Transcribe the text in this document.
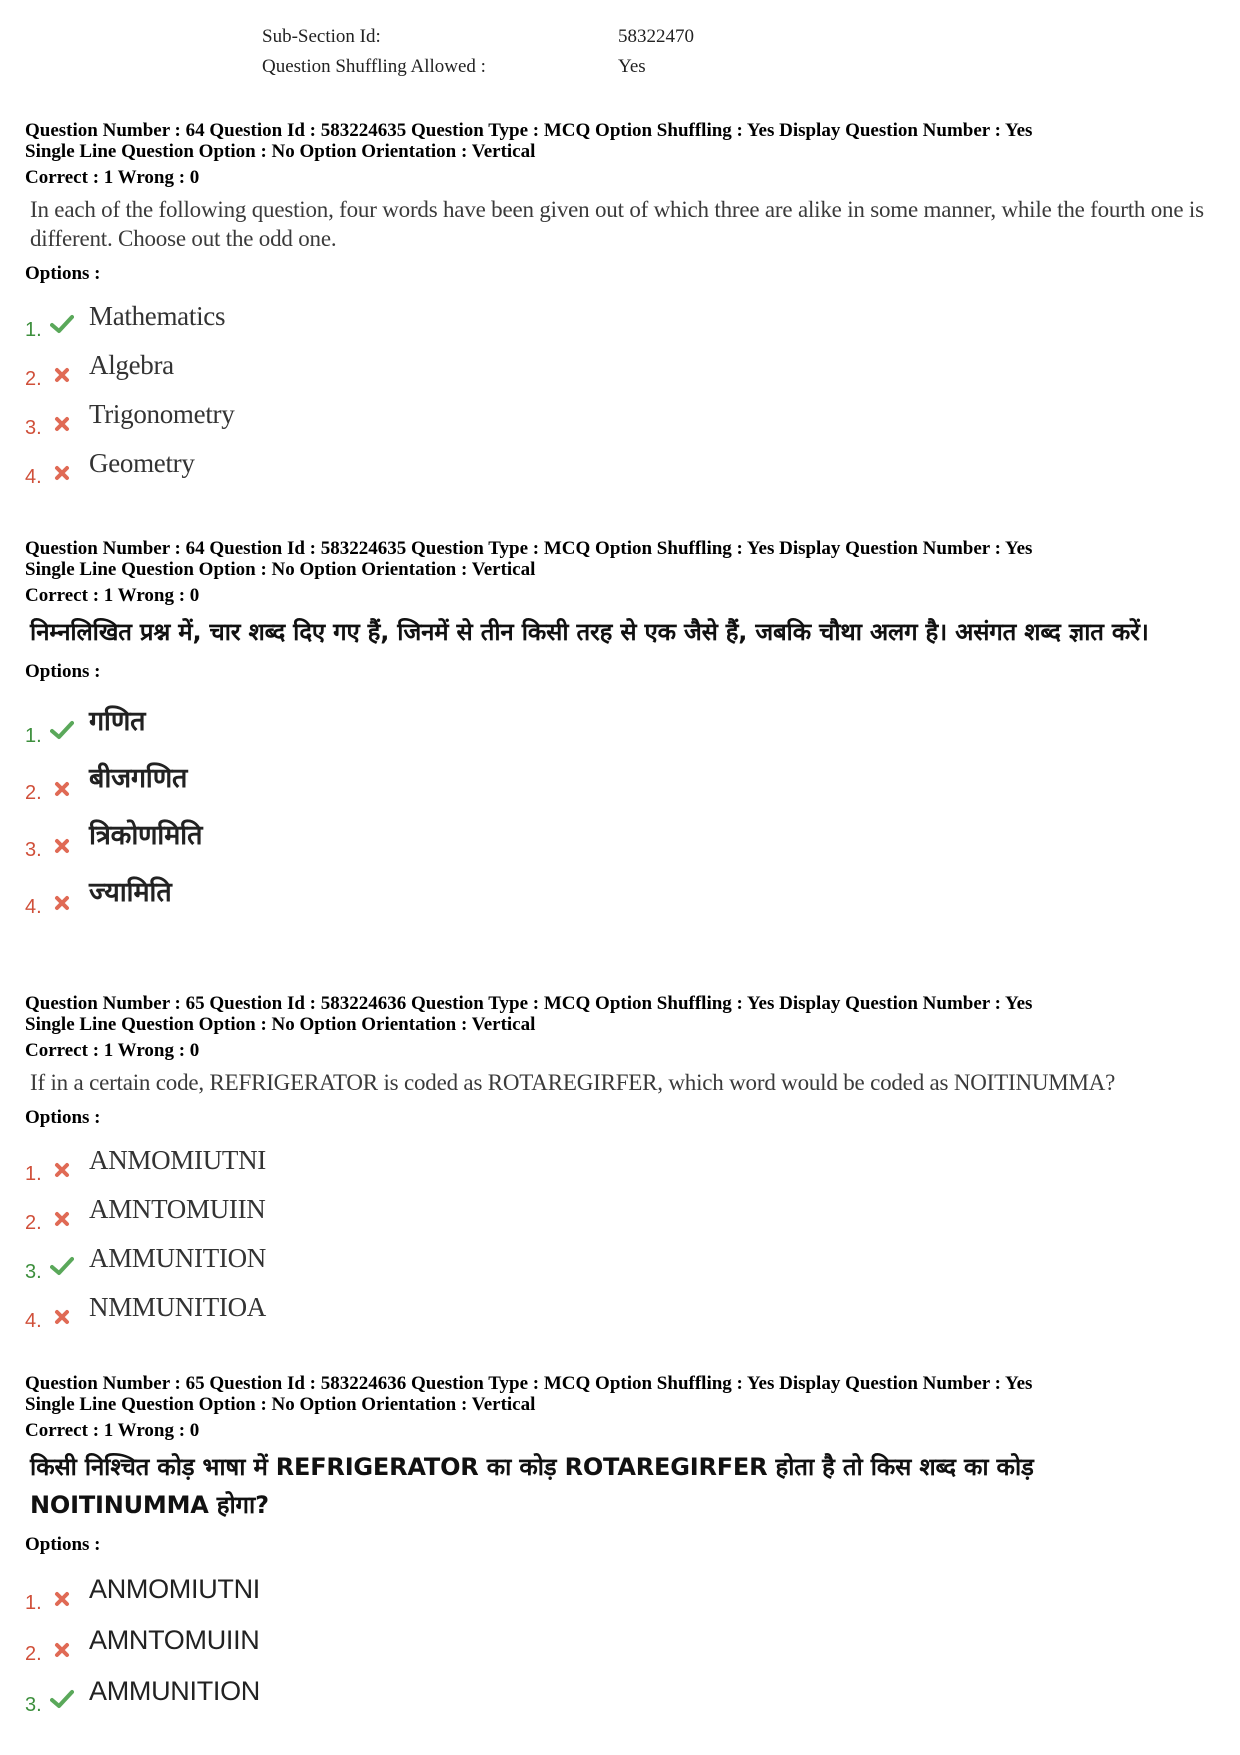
Sub-Section Id:	58322470
Question Shuffling Allowed :	Yes
Question Number : 64 Question Id : 583224635 Question Type : MCQ Option Shuffling : Yes Display Question Number : Yes
Single Line Question Option : No Option Orientation : Vertical
Correct : 1 Wrong : 0
In each of the following question, four words have been given out of which three are alike in some manner, while the fourth one is different. Choose out the odd one.
Options :
1. Mathematics
2. Algebra
3. Trigonometry
4. Geometry
Question Number : 64 Question Id : 583224635 Question Type : MCQ Option Shuffling : Yes Display Question Number : Yes
Single Line Question Option : No Option Orientation : Vertical
Correct : 1 Wrong : 0
निम्नलिखित प्रश्न में, चार शब्द दिए गए हैं, जिनमें से तीन किसी तरह से एक जैसे हैं, जबकि चौथा अलग है। असंगत शब्द ज्ञात करें।
Options :
1. गणित
2. बीजगणित
3. त्रिकोणमिति
4. ज्यामिति
Question Number : 65 Question Id : 583224636 Question Type : MCQ Option Shuffling : Yes Display Question Number : Yes
Single Line Question Option : No Option Orientation : Vertical
Correct : 1 Wrong : 0
If in a certain code, REFRIGERATOR is coded as ROTAREGIRFER, which word would be coded as NOITINUMMA?
Options :
1. ANMOMIUTNI
2. AMNTOMUIIN
3. AMMUNITION
4. NMMUNITIOA
Question Number : 65 Question Id : 583224636 Question Type : MCQ Option Shuffling : Yes Display Question Number : Yes
Single Line Question Option : No Option Orientation : Vertical
Correct : 1 Wrong : 0
किसी निश्चित कोड़ भाषा में REFRIGERATOR का कोड़ ROTAREGIRFER होता है तो किस शब्द का कोड़ NOITINUMMA होगा?
Options :
1. ANMOMIUTNI
2. AMNTOMUIIN
3. AMMUNITION
